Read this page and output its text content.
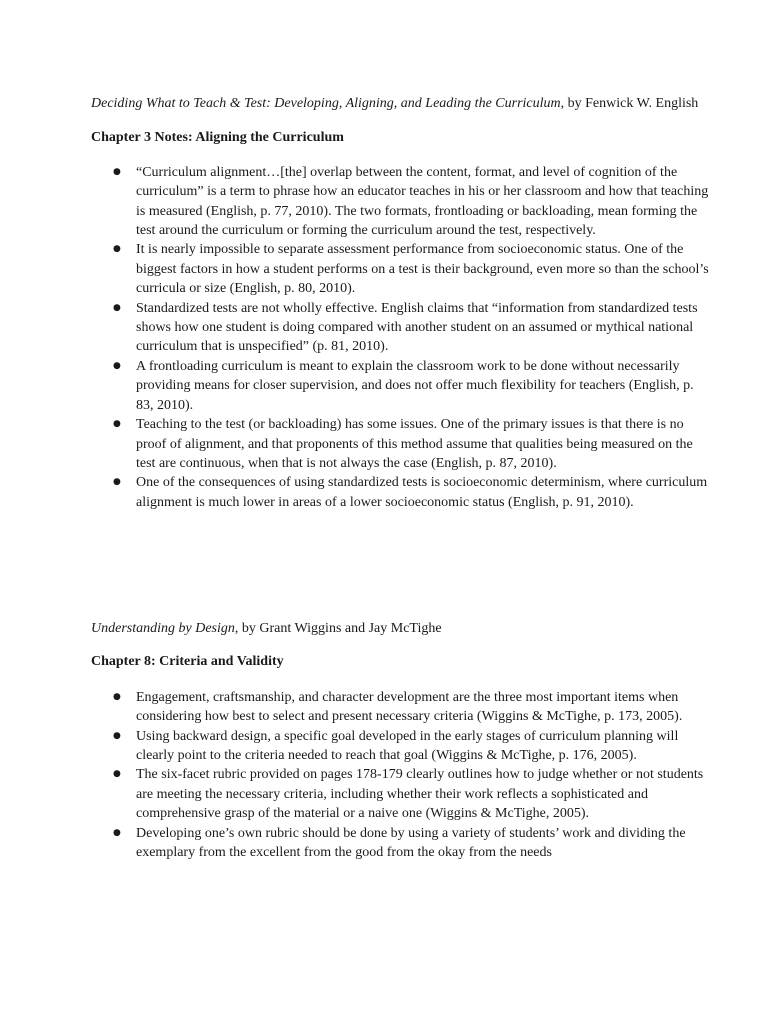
Deciding What to Teach & Test: Developing, Aligning, and Leading the Curriculum, by Fenwick W. English

Chapter 3 Notes: Aligning the Curriculum

● “Curriculum alignment…[the] overlap between the content, format, and level of cognition of the curriculum” is a term to phrase how an educator teaches in his or her classroom and how that teaching is measured (English, p. 77, 2010). The two formats, frontloading or backloading, mean forming the test around the curriculum or forming the curriculum around the test, respectively.
● It is nearly impossible to separate assessment performance from socioeconomic status. One of the biggest factors in how a student performs on a test is their background, even more so than the school’s curricula or size (English, p. 80, 2010).
● Standardized tests are not wholly effective. English claims that “information from standardized tests shows how one student is doing compared with another student on an assumed or mythical national curriculum that is unspecified” (p. 81, 2010).
● A frontloading curriculum is meant to explain the classroom work to be done without necessarily providing means for closer supervision, and does not offer much flexibility for teachers (English, p. 83, 2010).
● Teaching to the test (or backloading) has some issues. One of the primary issues is that there is no proof of alignment, and that proponents of this method assume that qualities being measured on the test are continuous, when that is not always the case (English, p. 87, 2010).
● One of the consequences of using standardized tests is socioeconomic determinism, where curriculum alignment is much lower in areas of a lower socioeconomic status (English, p. 91, 2010).

Understanding by Design, by Grant Wiggins and Jay McTighe

Chapter 8: Criteria and Validity

● Engagement, craftsmanship, and character development are the three most important items when considering how best to select and present necessary criteria (Wiggins & McTighe, p. 173, 2005).
● Using backward design, a specific goal developed in the early stages of curriculum planning will clearly point to the criteria needed to reach that goal (Wiggins & McTighe, p. 176, 2005).
● The six-facet rubric provided on pages 178-179 clearly outlines how to judge whether or not students are meeting the necessary criteria, including whether their work reflects a sophisticated and comprehensive grasp of the material or a naive one (Wiggins & McTighe, 2005).
● Developing one’s own rubric should be done by using a variety of students’ work and dividing the exemplary from the excellent from the good from the okay from the needs
